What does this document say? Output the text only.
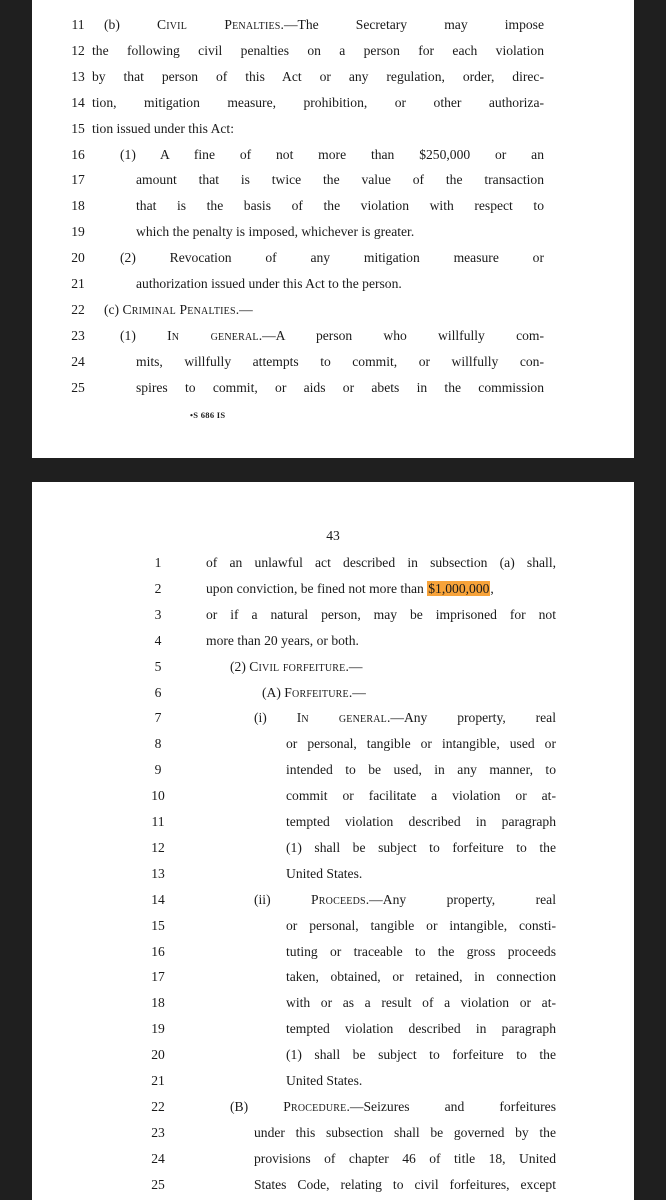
11	(b) Civil Penalties.—The Secretary may impose
12 the following civil penalties on a person for each violation
13 by that person of this Act or any regulation, order, direc-
14 tion, mitigation measure, prohibition, or other authoriza-
15 tion issued under this Act:
16	(1) A fine of not more than $250,000 or an
17	amount that is twice the value of the transaction
18	that is the basis of the violation with respect to
19	which the penalty is imposed, whichever is greater.
20	(2) Revocation of any mitigation measure or
21	authorization issued under this Act to the person.
22	(c) Criminal Penalties.—
23	(1) In general.—A person who willfully com-
24	mits, willfully attempts to commit, or willfully con-
25	spires to commit, or aids or abets in the commission
•S 686 IS
43
1	of an unlawful act described in subsection (a) shall,
2	upon conviction, be fined not more than $1,000,000,
3	or if a natural person, may be imprisoned for not
4	more than 20 years, or both.
5	(2) Civil forfeiture.—
6	(A) Forfeiture.—
7	(i) In general.—Any property, real
8	or personal, tangible or intangible, used or
9	intended to be used, in any manner, to
10	commit or facilitate a violation or at-
11	tempted violation described in paragraph
12	(1) shall be subject to forfeiture to the
13	United States.
14	(ii) Proceeds.—Any property, real
15	or personal, tangible or intangible, consti-
16	tuting or traceable to the gross proceeds
17	taken, obtained, or retained, in connection
18	with or as a result of a violation or at-
19	tempted violation described in paragraph
20	(1) shall be subject to forfeiture to the
21	United States.
22	(B) Procedure.—Seizures and forfeitures
23	under this subsection shall be governed by the
24	provisions of chapter 46 of title 18, United
25	States Code, relating to civil forfeitures, except
